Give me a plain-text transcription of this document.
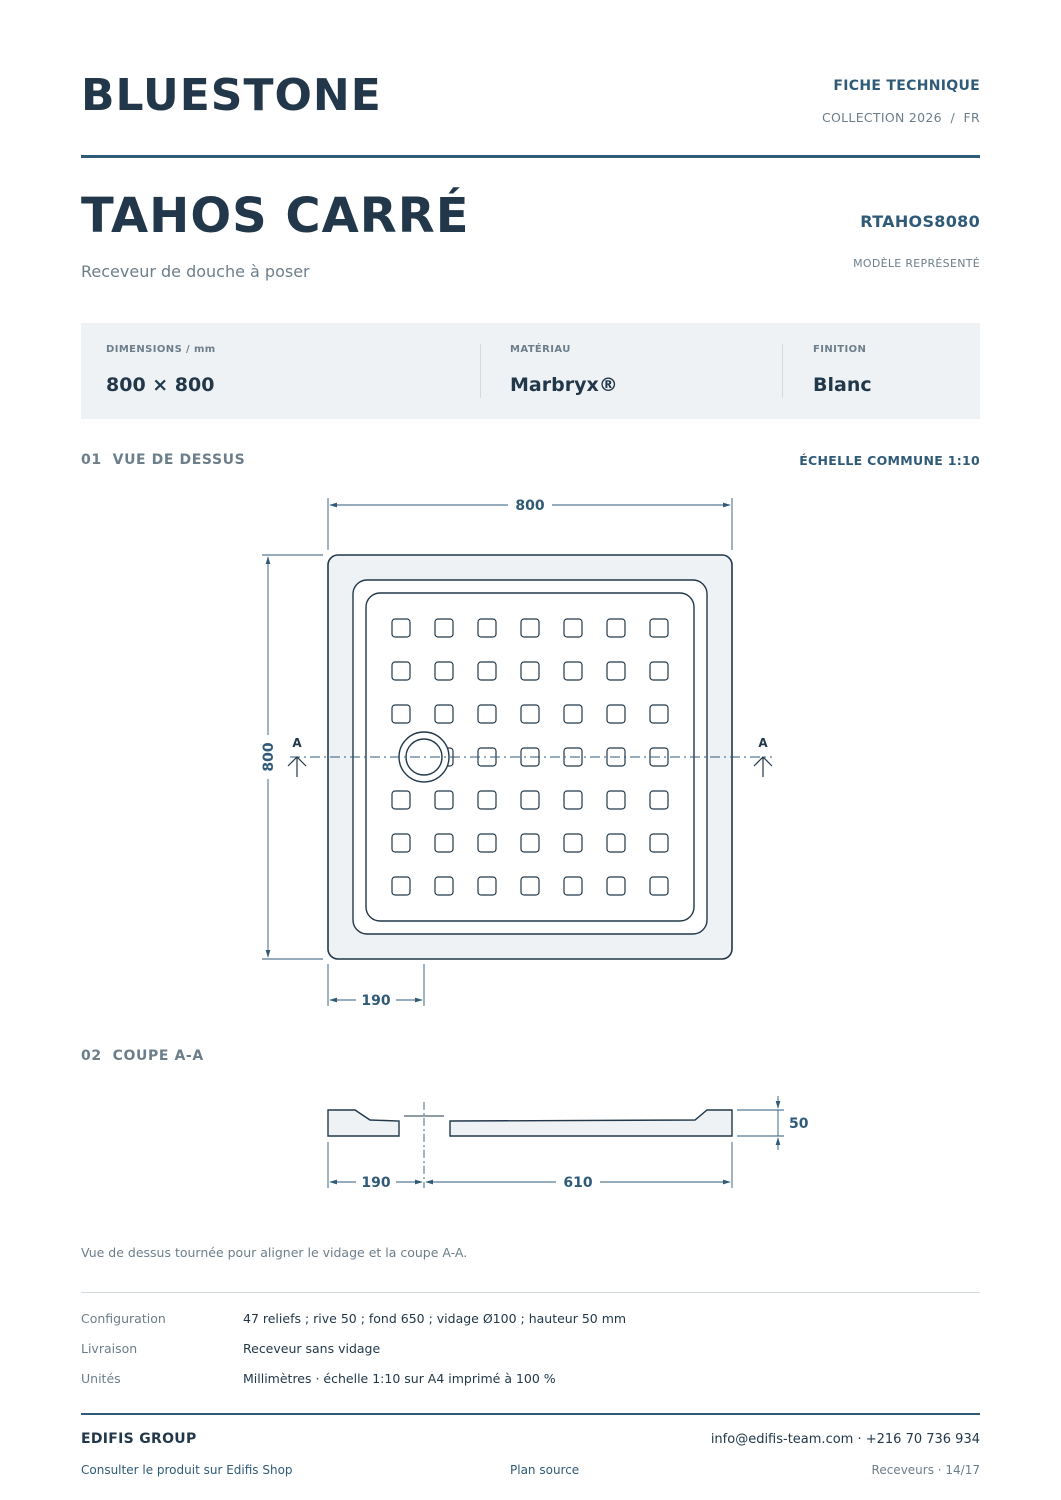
BLUESTONE	FICHE TECHNIQUE
COLLECTION 2026  /  FR
TAHOS CARRÉ	RTAHOS8080
Receveur de douche à poser	MODÈLE REPRÉSENTÉ
DIMENSIONS / mm
800 × 800
MATÉRIAU
Marbryx®
FINITION
Blanc
01  VUE DE DESSUS	ÉCHELLE COMMUNE 1:10
A	A
800
800
190
190	610
50
02  COUPE A-A
Vue de dessus tournée pour aligner le vidage et la coupe A-A.
Configuration	47 reliefs ; rive 50 ; fond 650 ; vidage Ø100 ; hauteur 50 mm
Livraison	Receveur sans vidage
Unités	Millimètres · échelle 1:10 sur A4 imprimé à 100 %
EDIFIS GROUP	info@edifis-team.com · +216 70 736 934
Consulter le produit sur Edifis Shop	Plan source	Receveurs · 14/17
